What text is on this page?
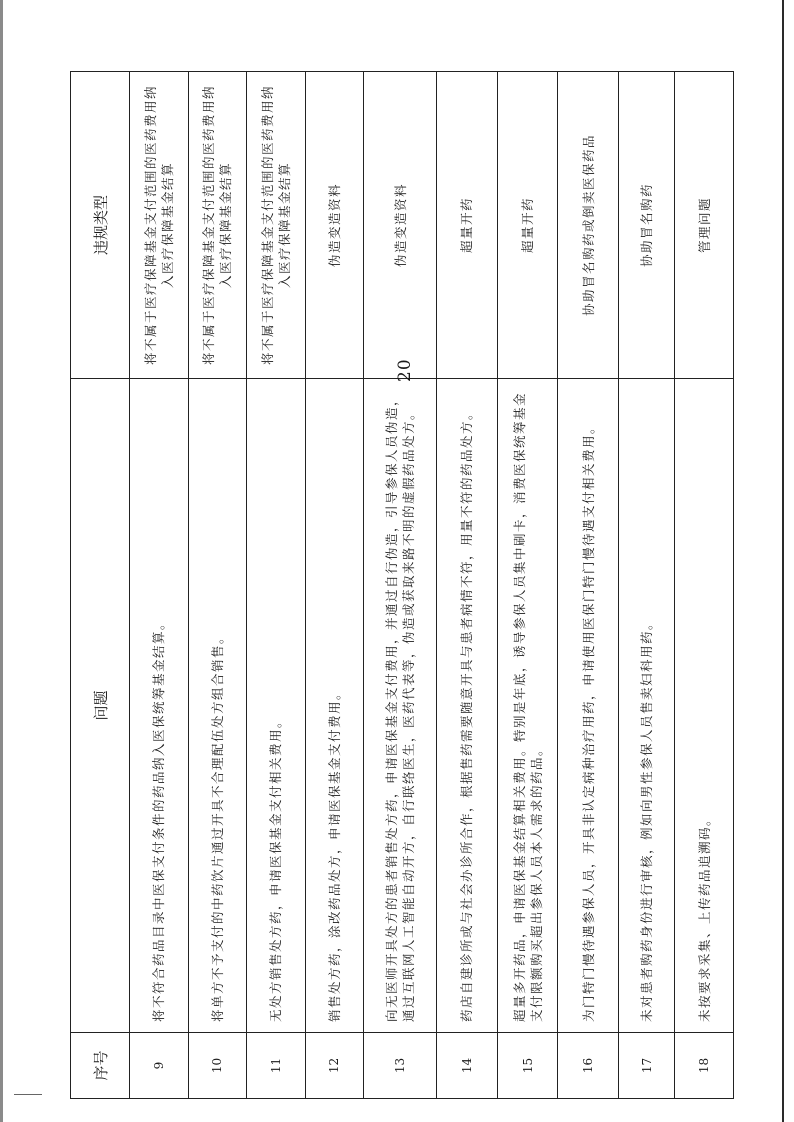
序号	问题	违规类型
9	将不符合药品目录中医保支付条件的药品纳入医保统筹基金结算。	将不属于医疗保障基金支付范围的医药费用纳入医疗保障基金结算
10	将单方不予支付的中药饮片通过开具不合理配伍处方组合销售。	将不属于医疗保障基金支付范围的医药费用纳入医疗保障基金结算
11	无处方销售处方药，申请医保基金支付相关费用。	将不属于医疗保障基金支付范围的医药费用纳入医疗保障基金结算
12	销售处方药，涂改药品处方，申请医保基金支付费用。	伪造变造资料
13	向无医师开具处方的患者销售处方药，申请医保基金支付费用，并通过自行伪造，引导参保人员伪造，通过互联网人工智能自动开方，自行联络医生，医药代表等，伪造或获取来路不明的虚假药品处方。	伪造变造资料
14	药店自建诊所或与社会办诊所合作，根据售药需要随意开具与患者病情不符，用量不符的药品处方。	超量开药
15	超量多开药品，申请医保基金结算相关费用。特别是年底，诱导参保人员集中刷卡，消费医保统筹基金支付限额购买超出参保人员本人需求的药品。	超量开药
16	为门特门慢待遇参保人员，开具非认定病种治疗用药，申请使用医保门特门慢待遇支付相关费用。	协助冒名购药或倒卖医保药品
17	未对患者购药身份进行审核，例如向男性参保人员售卖妇科用药。	协助冒名购药
18	未按要求采集、上传药品追溯码。	管理问题
20
